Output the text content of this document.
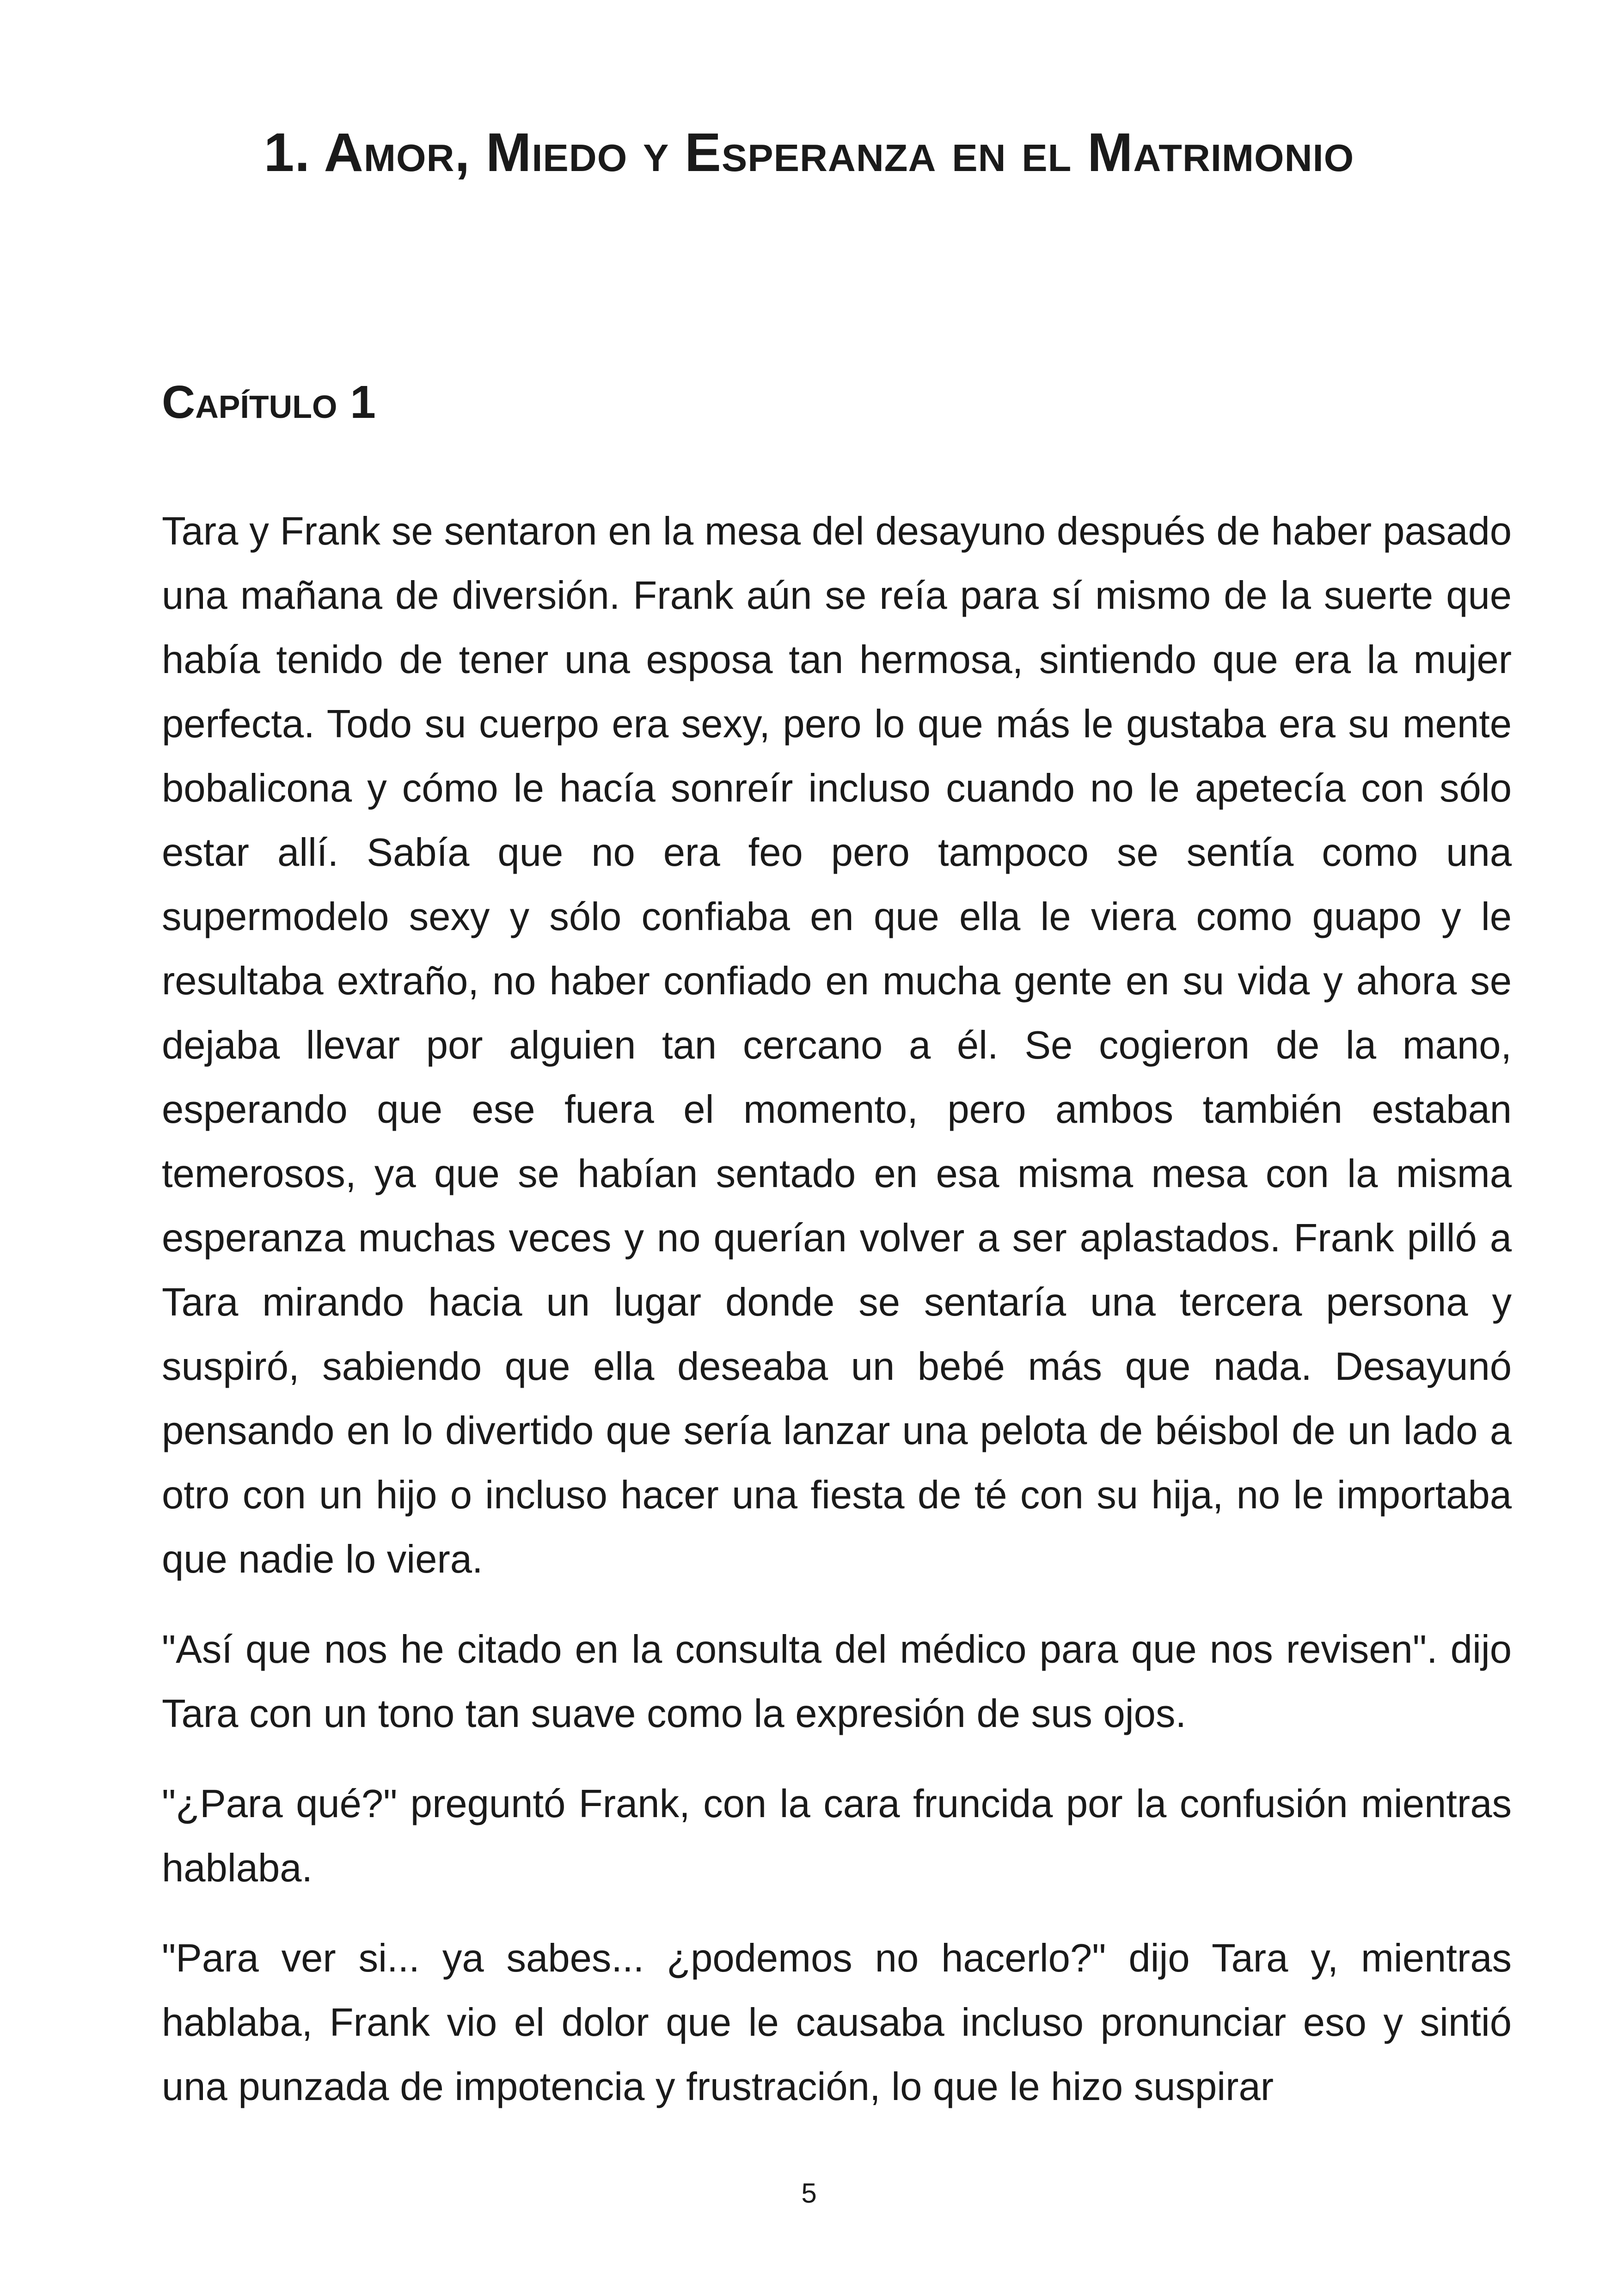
1. Amor, Miedo y Esperanza en el Matrimonio
Capítulo 1

Tara y Frank se sentaron en la mesa del desayuno después de haber pasado una mañana de diversión. Frank aún se reía para sí mismo de la suerte que había tenido de tener una esposa tan hermosa, sintiendo que era la mujer perfecta. Todo su cuerpo era sexy, pero lo que más le gustaba era su mente bobalicona y cómo le hacía sonreír incluso cuando no le apetecía con sólo estar allí. Sabía que no era feo pero tampoco se sentía como una supermodelo sexy y sólo confiaba en que ella le viera como guapo y le resultaba extraño, no haber confiado en mucha gente en su vida y ahora se dejaba llevar por alguien tan cercano a él. Se cogieron de la mano, esperando que ese fuera el momento, pero ambos también estaban temerosos, ya que se habían sentado en esa misma mesa con la misma esperanza muchas veces y no querían volver a ser aplastados. Frank pilló a Tara mirando hacia un lugar donde se sentaría una tercera persona y suspiró, sabiendo que ella deseaba un bebé más que nada. Desayunó pensando en lo divertido que sería lanzar una pelota de béisbol de un lado a otro con un hijo o incluso hacer una fiesta de té con su hija, no le importaba que nadie lo viera.

"Así que nos he citado en la consulta del médico para que nos revisen". dijo Tara con un tono tan suave como la expresión de sus ojos.

"¿Para qué?" preguntó Frank, con la cara fruncida por la confusión mientras hablaba.

"Para ver si... ya sabes... ¿podemos no hacerlo?" dijo Tara y, mientras hablaba, Frank vio el dolor que le causaba incluso pronunciar eso y sintió una punzada de impotencia y frustración, lo que le hizo suspirar

5
